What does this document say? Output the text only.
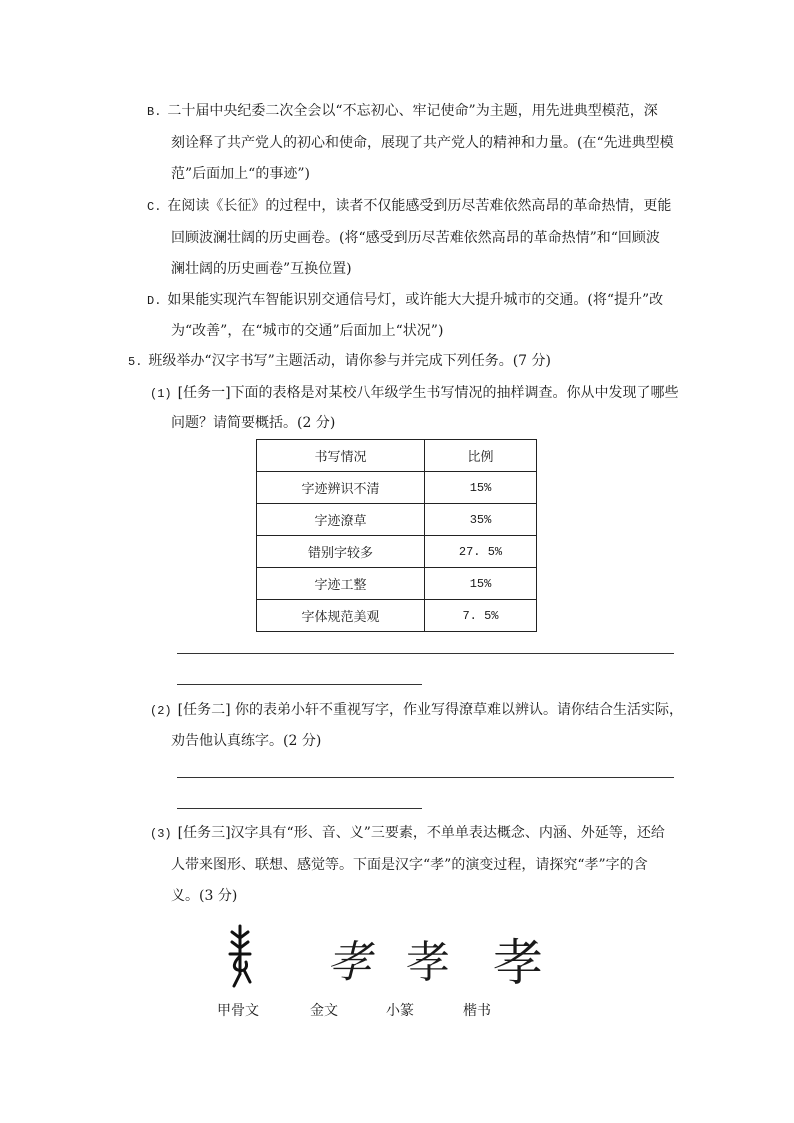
B. 二十届中央纪委二次全会以“不忘初心、牢记使命”为主题，用先进典型模范，深
刻诠释了共产党人的初心和使命，展现了共产党人的精神和力量。(在“先进典型模
范”后面加上“的事迹”)
C. 在阅读《长征》的过程中，读者不仅能感受到历尽苦难依然高昂的革命热情，更能
回顾波澜壮阔的历史画卷。(将“感受到历尽苦难依然高昂的革命热情”和“回顾波
澜壮阔的历史画卷”互换位置)
D. 如果能实现汽车智能识别交通信号灯，或许能大大提升城市的交通。(将“提升”改
为“改善”，在“城市的交通”后面加上“状况”)
5. 班级举办“汉字书写”主题活动，请你参与并完成下列任务。(7 分)
(1) [任务一]下面的表格是对某校八年级学生书写情况的抽样调查。你从中发现了哪些
问题？请简要概括。(2 分)
书写情况	比例
字迹辨识不清	15%
字迹潦草	35%
错别字较多	27. 5%
字迹工整	15%
字体规范美观	7. 5%
(2) [任务二] 你的表弟小轩不重视写字，作业写得潦草难以辨认。请你结合生活实际，
劝告他认真练字。(2 分)
(3) [任务三]汉字具有“形、音、义”三要素，不单单表达概念、内涵、外延等，还给
人带来图形、联想、感觉等。下面是汉字“孝”的演变过程，请探究“孝”字的含
义。(3 分)
孝 孝 孝
甲骨文	金文	小篆	楷书
